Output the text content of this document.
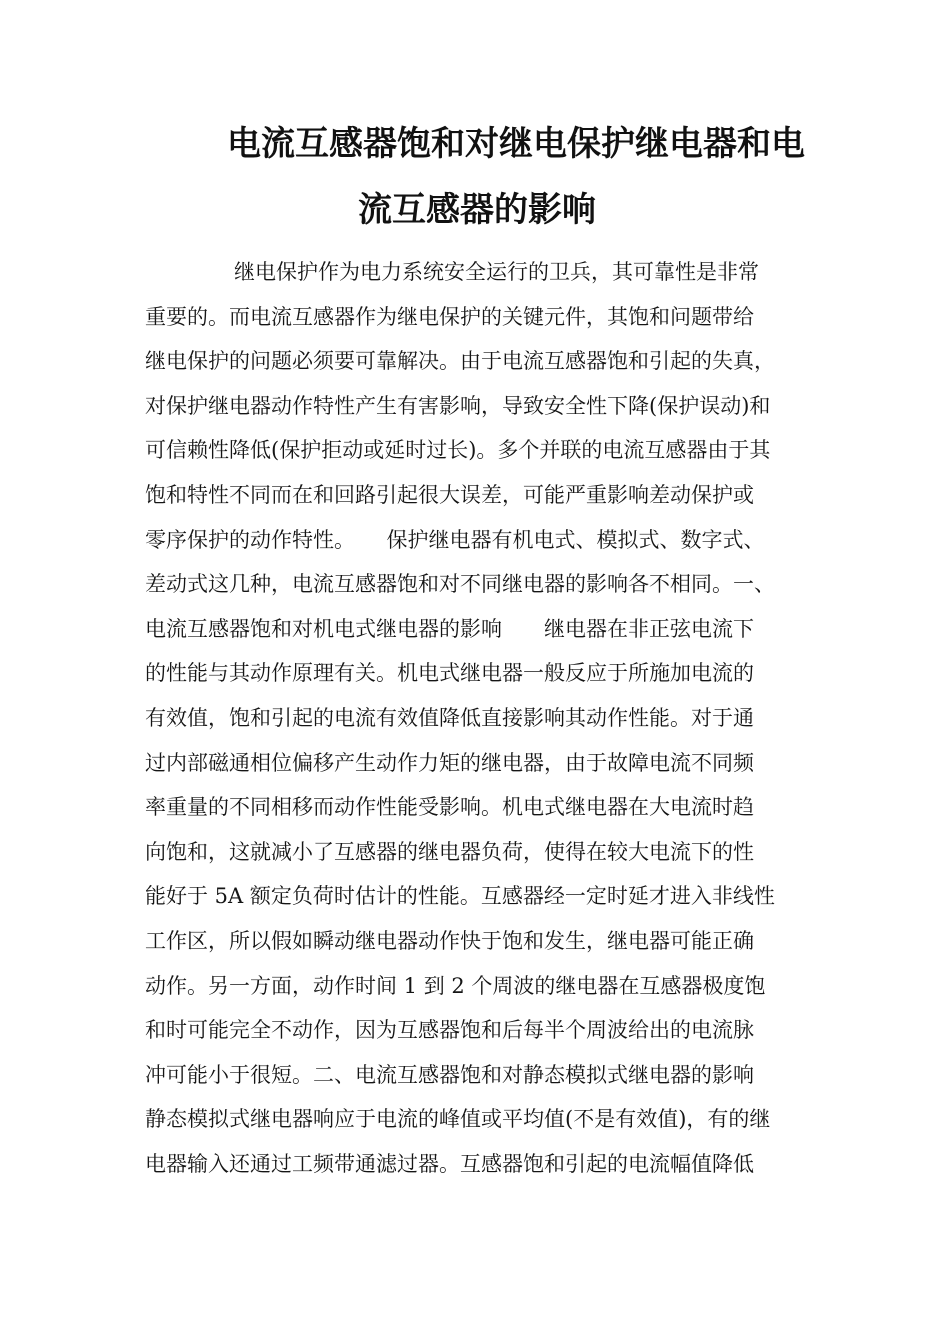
电流互感器饱和对继电保护继电器和电
流互感器的影响
继电保护作为电力系统安全运行的卫兵，其可靠性是非常
重要的。而电流互感器作为继电保护的关键元件，其饱和问题带给
继电保护的问题必须要可靠解决。由于电流互感器饱和引起的失真，
对保护继电器动作特性产生有害影响，导致安全性下降(保护误动)和
可信赖性降低(保护拒动或延时过长)。多个并联的电流互感器由于其
饱和特性不同而在和回路引起很大误差，可能严重影响差动保护或
零序保护的动作特性。　　保护继电器有机电式、模拟式、数字式、
差动式这几种，电流互感器饱和对不同继电器的影响各不相同。一、
电流互感器饱和对机电式继电器的影响　　继电器在非正弦电流下
的性能与其动作原理有关。机电式继电器一般反应于所施加电流的
有效值，饱和引起的电流有效值降低直接影响其动作性能。对于通
过内部磁通相位偏移产生动作力矩的继电器，由于故障电流不同频
率重量的不同相移而动作性能受影响。机电式继电器在大电流时趋
向饱和，这就减小了互感器的继电器负荷，使得在较大电流下的性
能好于 5A 额定负荷时估计的性能。互感器经一定时延才进入非线性
工作区，所以假如瞬动继电器动作快于饱和发生，继电器可能正确
动作。另一方面，动作时间 1 到 2 个周波的继电器在互感器极度饱
和时可能完全不动作，因为互感器饱和后每半个周波给出的电流脉
冲可能小于很短。二、电流互感器饱和对静态模拟式继电器的影响
静态模拟式继电器响应于电流的峰值或平均值(不是有效值)，有的继
电器输入还通过工频带通滤过器。互感器饱和引起的电流幅值降低
